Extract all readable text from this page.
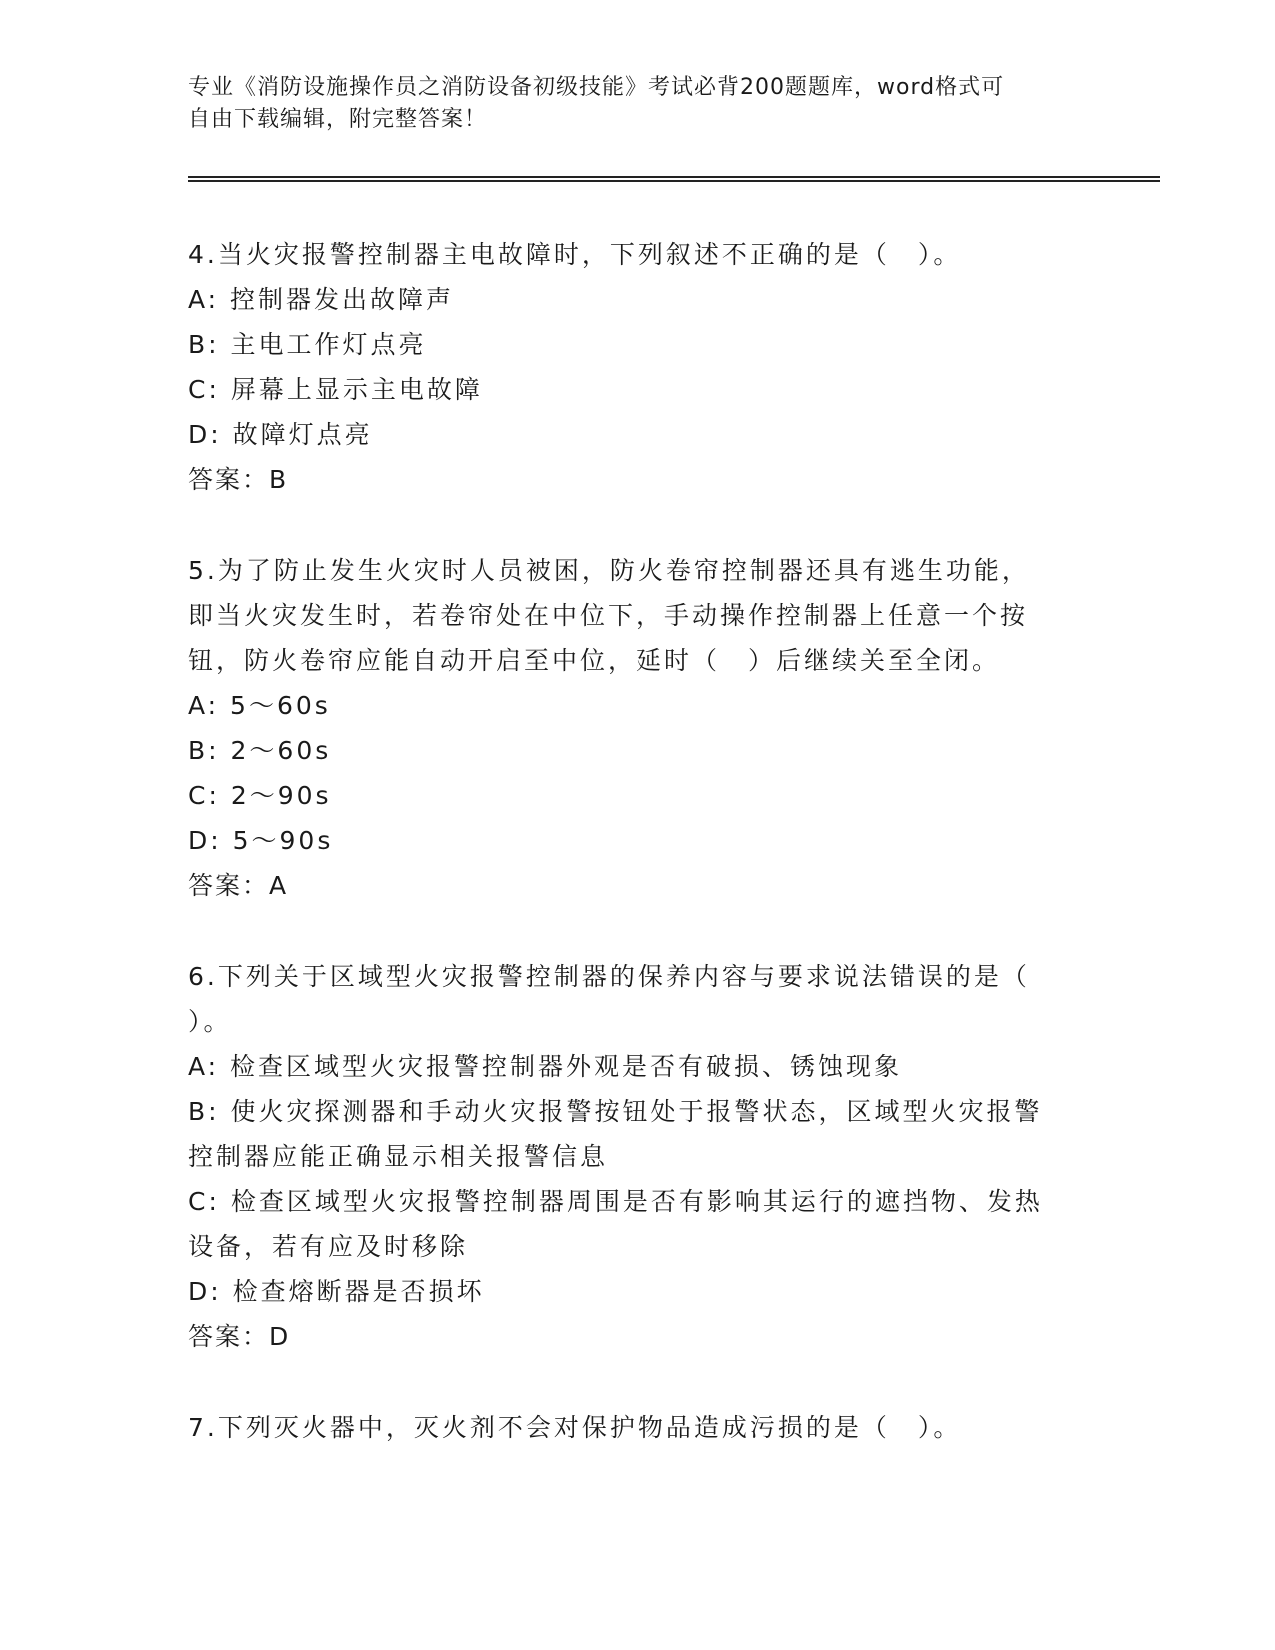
专业《消防设施操作员之消防设备初级技能》考试必背200题题库，word格式可
自由下载编辑，附完整答案！
4.当火灾报警控制器主电故障时，下列叙述不正确的是（　）。
A: 控制器发出故障声
B: 主电工作灯点亮
C: 屏幕上显示主电故障
D: 故障灯点亮
答案：B
5.为了防止发生火灾时人员被困，防火卷帘控制器还具有逃生功能，
即当火灾发生时，若卷帘处在中位下，手动操作控制器上任意一个按
钮，防火卷帘应能自动开启至中位，延时（　）后继续关至全闭。
A: 5～60s
B: 2～60s
C: 2～90s
D: 5～90s
答案：A
6.下列关于区域型火灾报警控制器的保养内容与要求说法错误的是（
）。
A: 检查区域型火灾报警控制器外观是否有破损、锈蚀现象
B: 使火灾探测器和手动火灾报警按钮处于报警状态，区域型火灾报警
控制器应能正确显示相关报警信息
C: 检查区域型火灾报警控制器周围是否有影响其运行的遮挡物、发热
设备，若有应及时移除
D: 检查熔断器是否损坏
答案：D
7.下列灭火器中，灭火剂不会对保护物品造成污损的是（　）。
